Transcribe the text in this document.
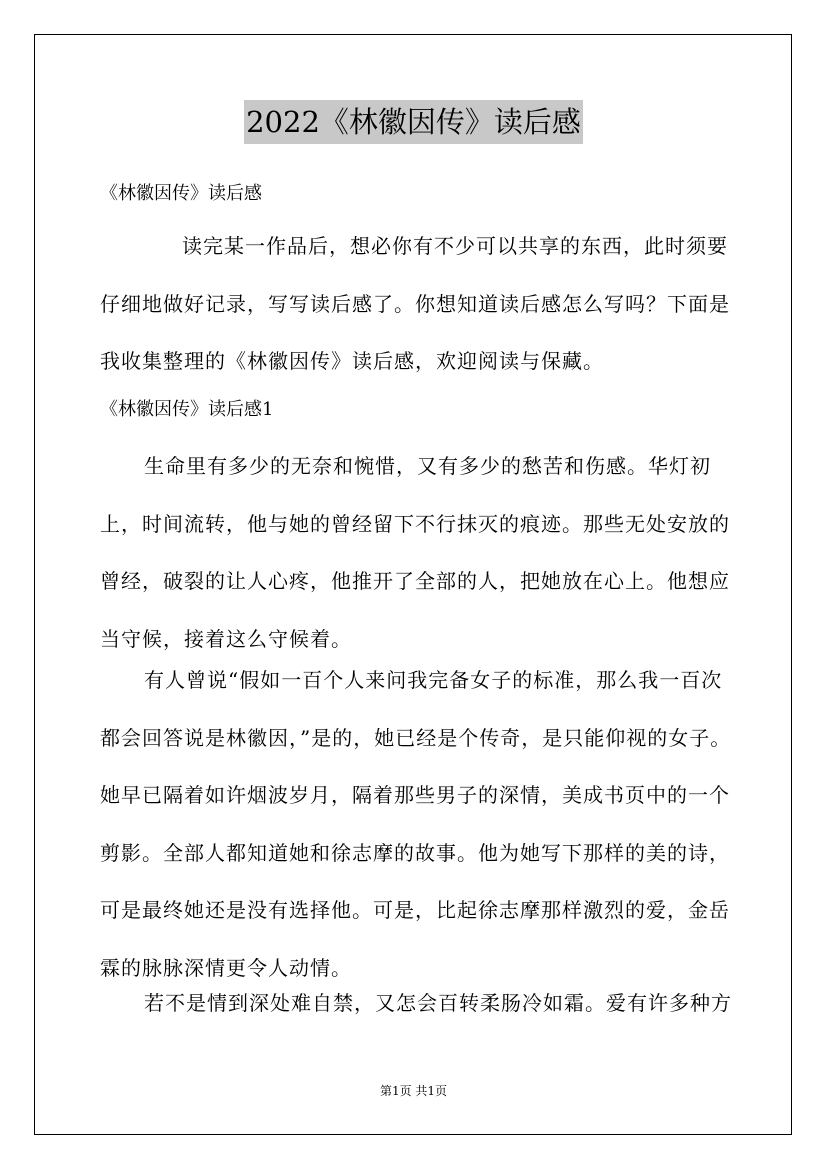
2022《林徽因传》读后感
《林徽因传》读后感

读完某一作品后，想必你有不少可以共享的东西，此时须要仔细地做好记录，写写读后感了。你想知道读后感怎么写吗？下面是我收集整理的《林徽因传》读后感，欢迎阅读与保藏。

《林徽因传》读后感1

生命里有多少的无奈和惋惜，又有多少的愁苦和伤感。华灯初上，时间流转，他与她的曾经留下不行抹灭的痕迹。那些无处安放的曾经，破裂的让人心疼，他推开了全部的人，把她放在心上。他想应当守候，接着这么守候着。

有人曾说“假如一百个人来问我完备女子的标准，那么我一百次都会回答说是林徽因，”是的，她已经是个传奇，是只能仰视的女子。她早已隔着如许烟波岁月，隔着那些男子的深情，美成书页中的一个剪影。全部人都知道她和徐志摩的故事。他为她写下那样的美的诗，可是最终她还是没有选择他。可是，比起徐志摩那样激烈的爱，金岳霖的脉脉深情更令人动情。

若不是情到深处难自禁，又怎会百转柔肠冷如霜。爱有许多种方

第1页 共1页
